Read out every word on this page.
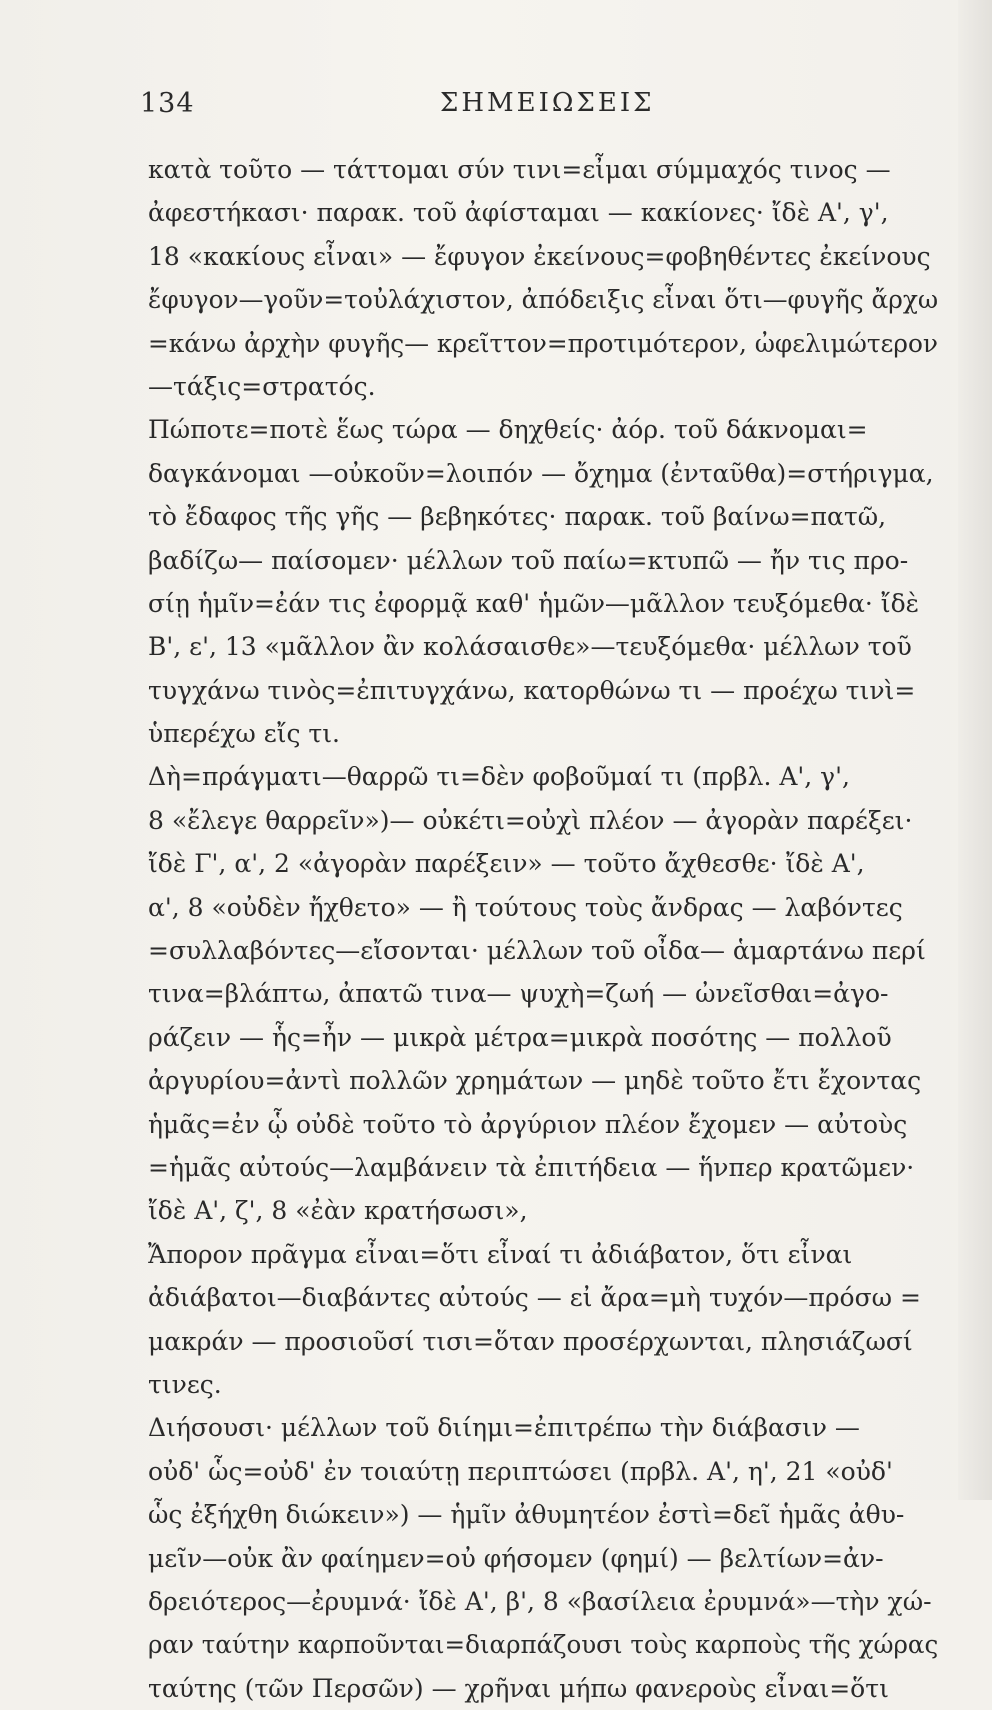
134	ΣΗΜΕΙΩΣΕΙΣ
κατὰ τοῦτο — τάττομαι σύν τινι=εἶμαι σύμμαχός τινος —
ἀφεστήκασι· παρακ. τοῦ ἀφίσταμαι — κακίονες· ἴδὲ Α', γ',
18 «κακίους εἶναι» — ἔφυγον ἐκείνους=φοβηθέντες ἐκείνους
ἔφυγον—γοῦν=τοὐλάχιστον, ἀπόδειξις εἶναι ὅτι—φυγῆς ἄρχω
=κάνω ἀρχὴν φυγῆς— κρεῖττον=προτιμότερον, ὠφελιμώτερον
—τάξις=στρατός.
Πώποτε=ποτὲ ἕως τώρα — δηχθείς· ἀόρ. τοῦ δάκνομαι=
δαγκάνομαι —οὐκοῦν=λοιπόν — ὄχημα (ἐνταῦθα)=στήριγμα,
τὸ ἔδαφος τῆς γῆς — βεβηκότες· παρακ. τοῦ βαίνω=πατῶ,
βαδίζω— παίσομεν· μέλλων τοῦ παίω=κτυπῶ — ἤν τις προ-
σίῃ ἡμῖν=ἐάν τις ἐφορμᾷ καθ' ἡμῶν—μᾶλλον τευξόμεθα· ἴδὲ
Β', ε', 13 «μᾶλλον ἂν κολάσαισθε»—τευξόμεθα· μέλλων τοῦ
τυγχάνω τινὸς=ἐπιτυγχάνω, κατορθώνω τι — προέχω τινὶ=
ὑπερέχω εἴς τι.
Δὴ=πράγματι—θαρρῶ τι=δὲν φοβοῦμαί τι (πρβλ. Α', γ',
8 «ἔλεγε θαρρεῖν»)— οὐκέτι=οὐχὶ πλέον — ἀγορὰν παρέξει·
ἴδὲ Γ', α', 2 «ἀγορὰν παρέξειν» — τοῦτο ἄχθεσθε· ἴδὲ Α',
α', 8 «οὐδὲν ἤχθετο» — ἢ τούτους τοὺς ἄνδρας — λαβόντες
=συλλαβόντες—εἴσονται· μέλλων τοῦ οἶδα— ἁμαρτάνω περί
τινα=βλάπτω, ἀπατῶ τινα— ψυχὴ=ζωή — ὠνεῖσθαι=ἀγο-
ράζειν — ἧς=ἦν — μικρὰ μέτρα=μικρὰ ποσότης — πολλοῦ
ἀργυρίου=ἀντὶ πολλῶν χρημάτων — μηδὲ τοῦτο ἔτι ἔχοντας
ἡμᾶς=ἐν ᾧ οὐδὲ τοῦτο τὸ ἀργύριον πλέον ἔχομεν — αὐτοὺς
=ἡμᾶς αὐτούς—λαμβάνειν τὰ ἐπιτήδεια — ἥνπερ κρατῶμεν·
ἴδὲ Α', ζ', 8 «ἐὰν κρατήσωσι»,
Ἄπορον πρᾶγμα εἶναι=ὅτι εἶναί τι ἀδιάβατον, ὅτι εἶναι
ἀδιάβατοι—διαβάντες αὐτούς — εἰ ἄρα=μὴ τυχόν—πρόσω =
μακράν — προσιοῦσί τισι=ὅταν προσέρχωνται, πλησιάζωσί
τινες.
Διήσουσι· μέλλων τοῦ διίημι=ἐπιτρέπω τὴν διάβασιν —
οὐδ' ὧς=οὐδ' ἐν τοιαύτῃ περιπτώσει (πρβλ. Α', η', 21 «οὐδ'
ὧς ἐξήχθη διώκειν») — ἡμῖν ἀθυμητέον ἐστὶ=δεῖ ἡμᾶς ἀθυ-
μεῖν—οὐκ ἂν φαίημεν=οὐ φήσομεν (φημί) — βελτίων=ἀν-
δρειότερος—ἐρυμνά· ἴδὲ Α', β', 8 «βασίλεια ἐρυμνά»—τὴν χώ-
ραν ταύτην καρποῦνται=διαρπάζουσι τοὺς καρποὺς τῆς χώρας
ταύτης (τῶν Περσῶν) — χρῆναι μήπω φανεροὺς εἶναι=ὅτι
